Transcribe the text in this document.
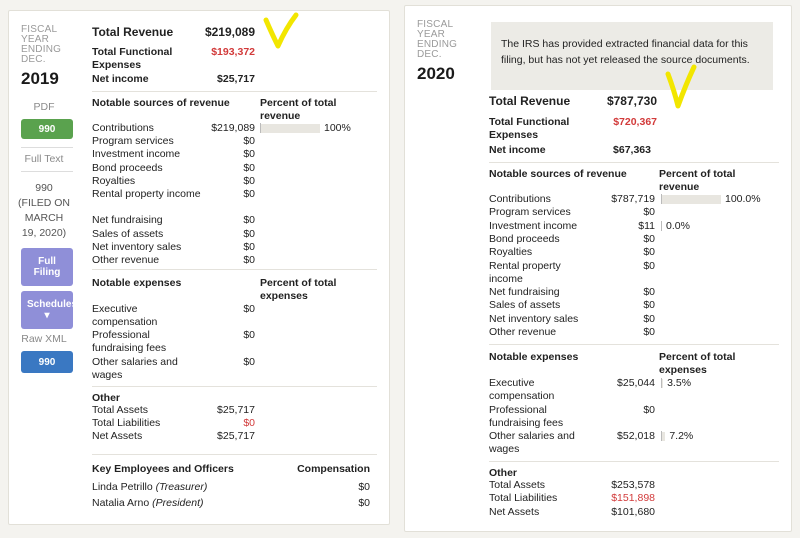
FISCAL
YEAR
ENDING
DEC.
2019
PDF
990
Full Text
990
(FILED ON
MARCH
19, 2020)
Full Filing
Schedules ▾
Raw XML
990
Total Revenue	$219,089
Total Functional Expenses
$193,372
Net income	$25,717
Notable sources of revenue	Percent of total revenue
Contributions	$219,089	100%
Program services	$0
Investment income	$0
Bond proceeds	$0
Royalties	$0
Rental property income	$0
Net fundraising	$0
Sales of assets	$0
Net inventory sales	$0
Other revenue	$0
Notable expenses	Percent of total expenses
Executive compensation
$0
Professional fundraising fees
$0
Other salaries and wages
$0
Other
Total Assets	$25,717
Total Liabilities	$0
Net Assets	$25,717
Key Employees and Officers	Compensation
Linda Petrillo (Treasurer)	$0
Natalia Arno (President)	$0
FISCAL
YEAR
ENDING
DEC.
2020
The IRS has provided extracted financial data for this filing, but has not yet released the source documents.
Total Revenue	$787,730
Total Functional Expenses
$720,367
Net income	$67,363
Notable sources of revenue	Percent of total revenue
Contributions	$787,719	100.0%
Program services	$0
Investment income	$11 0.0%
Bond proceeds	$0
Royalties	$0
Rental property income
$0
Net fundraising	$0
Sales of assets	$0
Net inventory sales	$0
Other revenue	$0
Notable expenses	Percent of total expenses
Executive compensation
$25,044 3.5%
Professional fundraising fees
$0
Other salaries and wages
$52,018 7.2%
Other
Total Assets	$253,578
Total Liabilities	$151,898
Net Assets	$101,680
